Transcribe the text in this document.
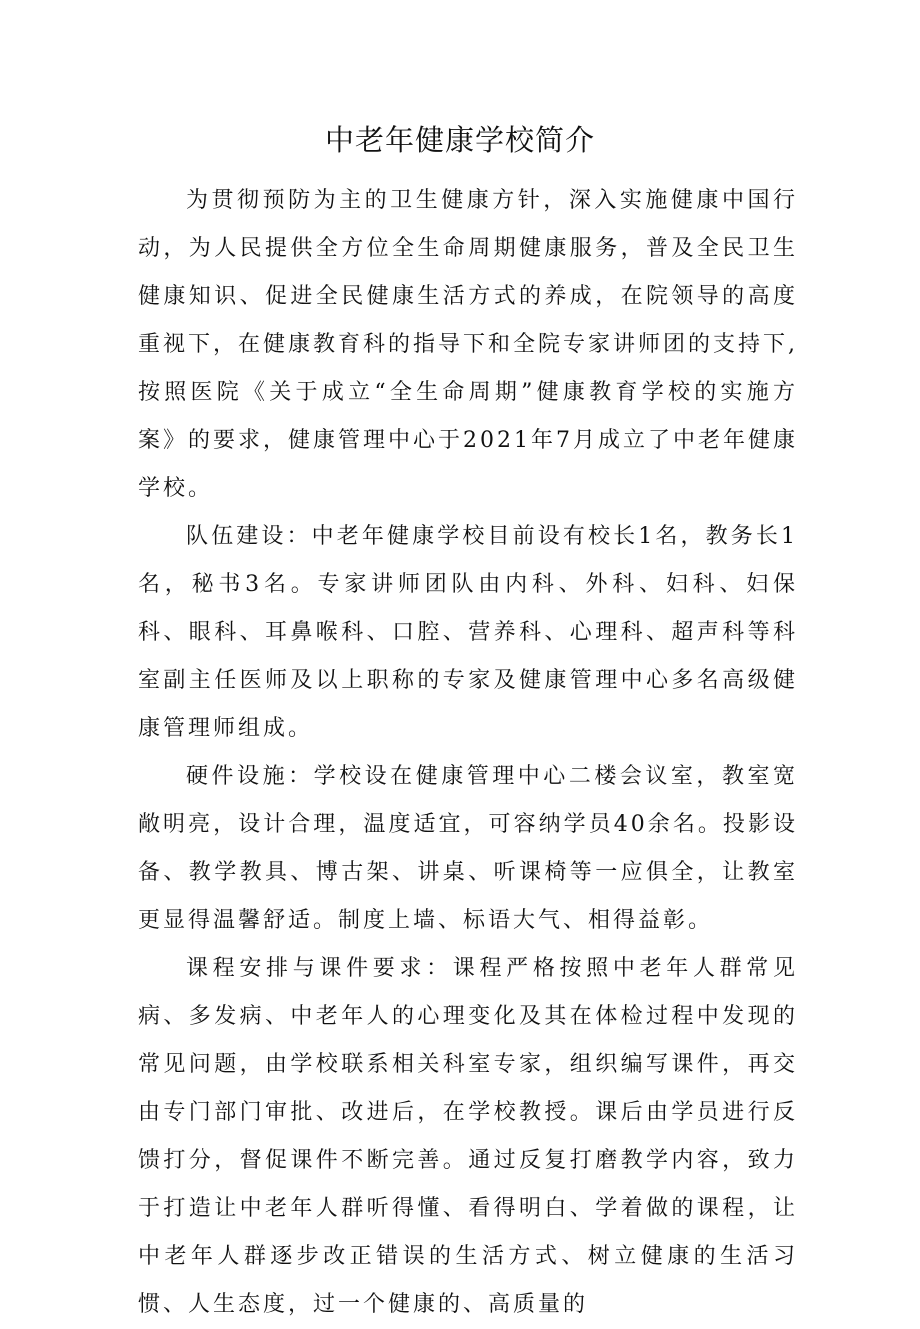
中老年健康学校简介

为贯彻预防为主的卫生健康方针，深入实施健康中国行动，为人民提供全方位全生命周期健康服务，普及全民卫生健康知识、促进全民健康生活方式的养成，在院领导的高度重视下，在健康教育科的指导下和全院专家讲师团的支持下,按照医院《关于成立“全生命周期”健康教育学校的实施方案》的要求，健康管理中心于2021年7月成立了中老年健康学校。

队伍建设：中老年健康学校目前设有校长1名，教务长1名，秘书3名。专家讲师团队由内科、外科、妇科、妇保科、眼科、耳鼻喉科、口腔、营养科、心理科、超声科等科室副主任医师及以上职称的专家及健康管理中心多名高级健康管理师组成。

硬件设施：学校设在健康管理中心二楼会议室，教室宽敞明亮，设计合理，温度适宜，可容纳学员40余名。投影设备、教学教具、博古架、讲桌、听课椅等一应俱全，让教室更显得温馨舒适。制度上墙、标语大气、相得益彰。

课程安排与课件要求：课程严格按照中老年人群常见病、多发病、中老年人的心理变化及其在体检过程中发现的常见问题，由学校联系相关科室专家，组织编写课件，再交由专门部门审批、改进后，在学校教授。课后由学员进行反馈打分，督促课件不断完善。通过反复打磨教学内容，致力于打造让中老年人群听得懂、看得明白、学着做的课程，让中老年人群逐步改正错误的生活方式、树立健康的生活习惯、人生态度，过一个健康的、高质量的
